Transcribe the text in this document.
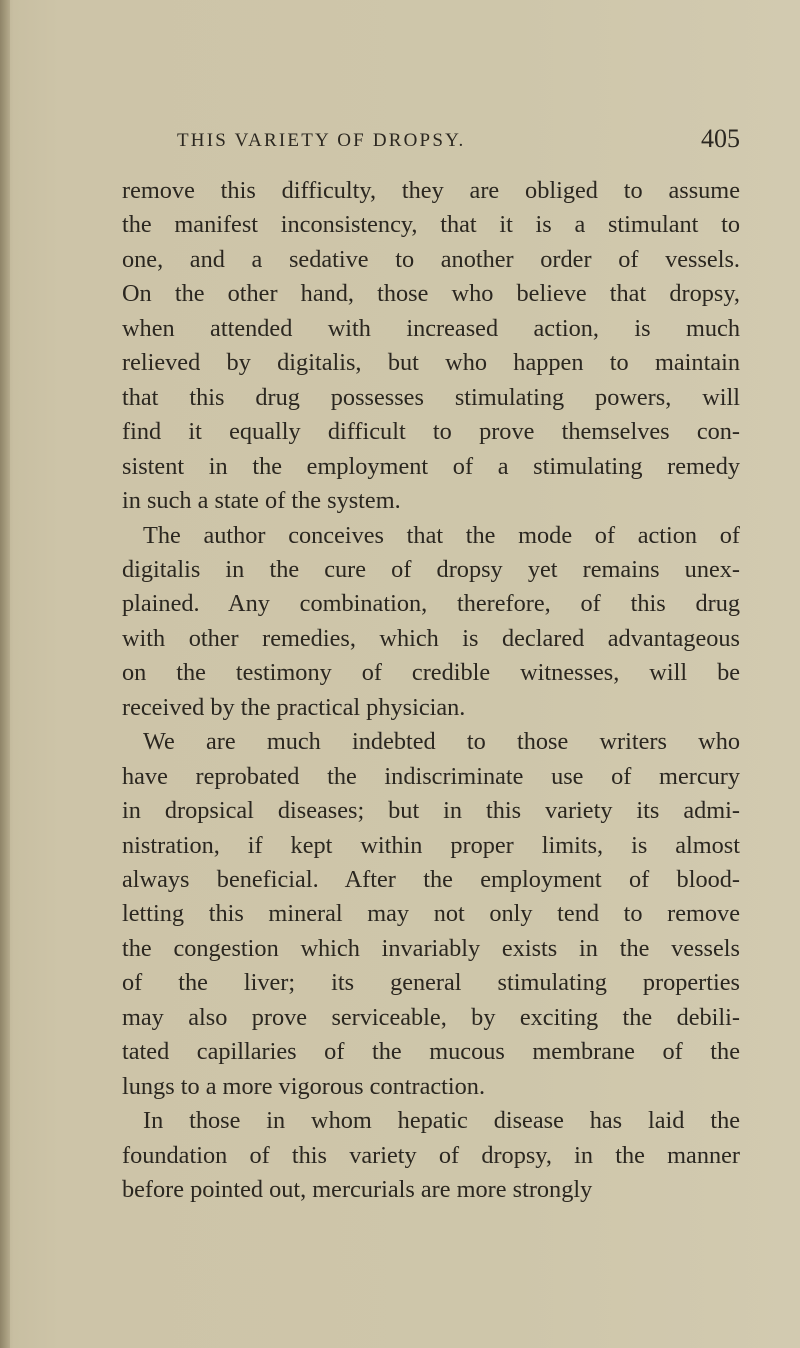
THIS VARIETY OF DROPSY.	405
remove this difficulty, they are obliged to assume
the manifest inconsistency, that it is a stimulant to
one, and a sedative to another order of vessels.
On the other hand, those who believe that dropsy,
when attended with increased action, is much
relieved by digitalis, but who happen to maintain
that this drug possesses stimulating powers, will
find it equally difficult to prove themselves con-
sistent in the employment of a stimulating remedy
in such a state of the system.
The author conceives that the mode of action of
digitalis in the cure of dropsy yet remains unex-
plained. Any combination, therefore, of this drug
with other remedies, which is declared advantageous
on the testimony of credible witnesses, will be
received by the practical physician.
We are much indebted to those writers who
have reprobated the indiscriminate use of mercury
in dropsical diseases; but in this variety its admi-
nistration, if kept within proper limits, is almost
always beneficial. After the employment of blood-
letting this mineral may not only tend to remove
the congestion which invariably exists in the vessels
of the liver; its general stimulating properties
may also prove serviceable, by exciting the debili-
tated capillaries of the mucous membrane of the
lungs to a more vigorous contraction.
In those in whom hepatic disease has laid the
foundation of this variety of dropsy, in the manner
before pointed out, mercurials are more strongly
